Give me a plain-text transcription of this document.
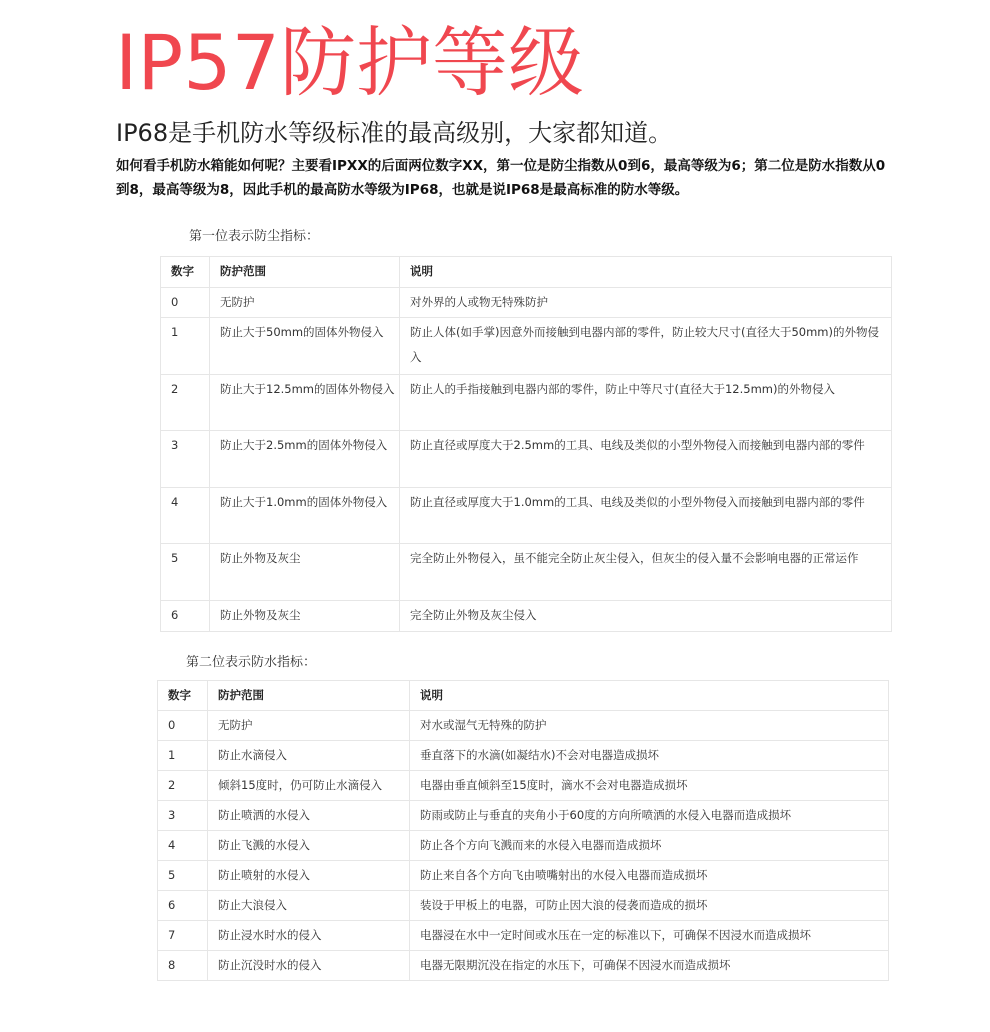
IP57防护等级
IP68是手机防水等级标准的最高级别，大家都知道。
如何看手机防水箱能如何呢？主要看IPXX的后面两位数字XX，第一位是防尘指数从0到6，最高等级为6；第二位是防水指数从0到8，最高等级为8，因此手机的最高防水等级为IP68，也就是说IP68是最高标准的防水等级。
第一位表示防尘指标：
数字	防护范围	说明
0	无防护	对外界的人或物无特殊防护
1	防止大于50mm的固体外物侵入	防止人体(如手掌)因意外而接触到电器内部的零件，防止较大尺寸(直径大于50mm)的外物侵入
2	防止大于12.5mm的固体外物侵入	防止人的手指接触到电器内部的零件，防止中等尺寸(直径大于12.5mm)的外物侵入
3	防止大于2.5mm的固体外物侵入	防止直径或厚度大于2.5mm的工具、电线及类似的小型外物侵入而接触到电器内部的零件
4	防止大于1.0mm的固体外物侵入	防止直径或厚度大于1.0mm的工具、电线及类似的小型外物侵入而接触到电器内部的零件
5	防止外物及灰尘	完全防止外物侵入，虽不能完全防止灰尘侵入，但灰尘的侵入量不会影响电器的正常运作
6	防止外物及灰尘	完全防止外物及灰尘侵入
第二位表示防水指标：
数字	防护范围	说明
0	无防护	对水或湿气无特殊的防护
1	防止水滴侵入	垂直落下的水滴(如凝结水)不会对电器造成损坏
2	倾斜15度时，仍可防止水滴侵入	电器由垂直倾斜至15度时，滴水不会对电器造成损坏
3	防止喷洒的水侵入	防雨或防止与垂直的夹角小于60度的方向所喷洒的水侵入电器而造成损坏
4	防止飞溅的水侵入	防止各个方向飞溅而来的水侵入电器而造成损坏
5	防止喷射的水侵入	防止来自各个方向飞由喷嘴射出的水侵入电器而造成损坏
6	防止大浪侵入	装设于甲板上的电器，可防止因大浪的侵袭而造成的损坏
7	防止浸水时水的侵入	电器浸在水中一定时间或水压在一定的标准以下，可确保不因浸水而造成损坏
8	防止沉没时水的侵入	电器无限期沉没在指定的水压下，可确保不因浸水而造成损坏
